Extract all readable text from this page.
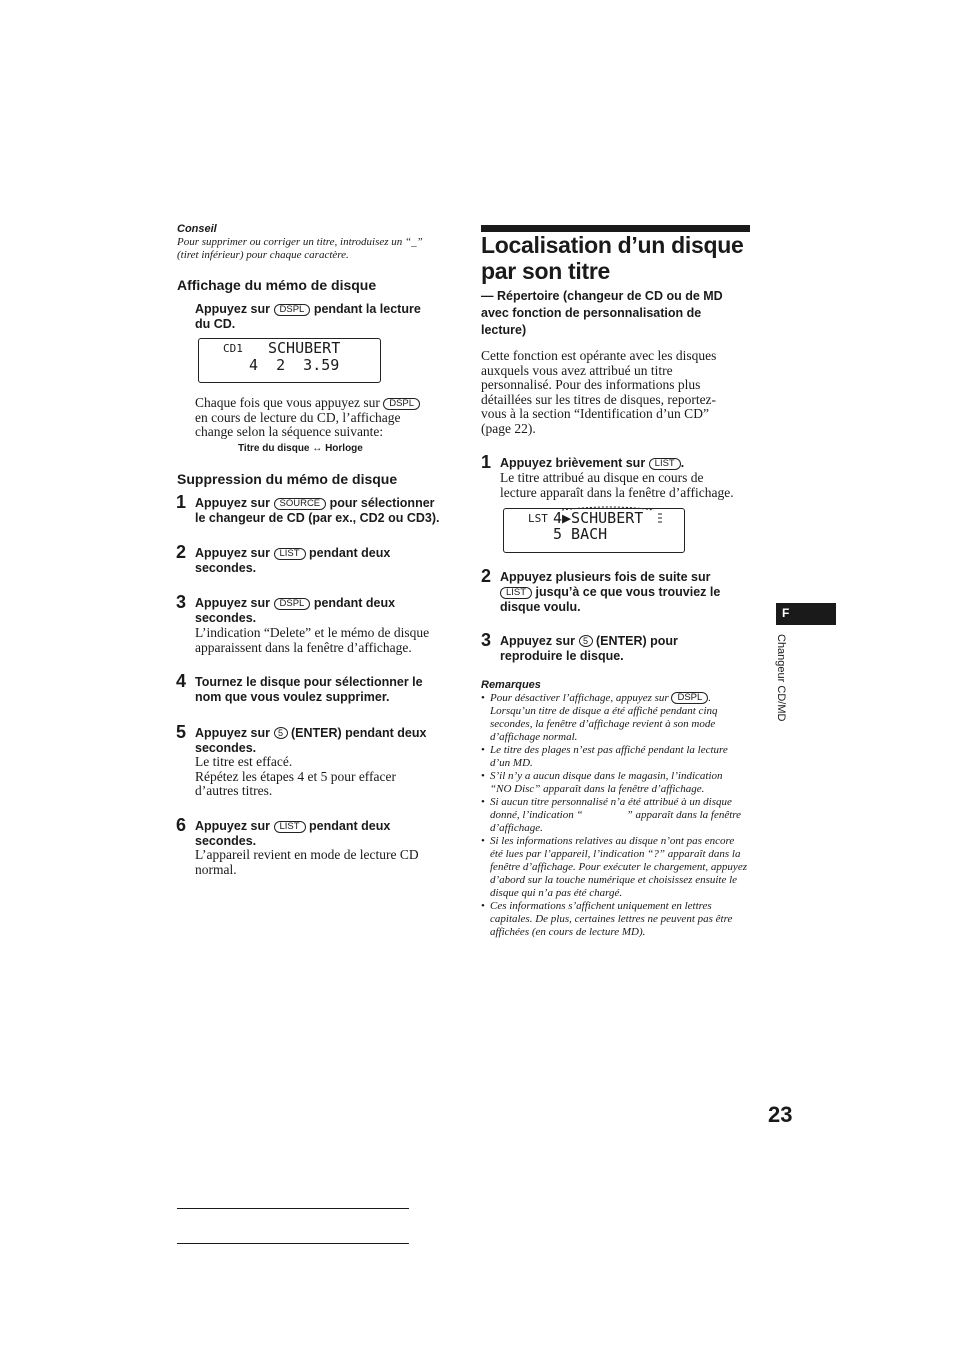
Conseil
Pour supprimer ou corriger un titre, introduisez un “_”
(tiret inférieur) pour chaque caractère.
Affichage du mémo de disque
Appuyez sur DSPL pendant la lecture
du CD.
CD1 SCHUBERT
4  2  3.59
Chaque fois que vous appuyez sur DSPL
en cours de lecture du CD, l’affichage
change selon la séquence suivante:
Titre du disque ↔ Horloge
Suppression du mémo de disque
1 Appuyez sur SOURCE pour sélectionner
le changeur de CD (par ex., CD2 ou CD3).
2 Appuyez sur LIST pendant deux
secondes.
3 Appuyez sur DSPL pendant deux
secondes.
L’indication “Delete” et le mémo de disque
apparaissent dans la fenêtre d’affichage.
4 Tournez le disque pour sélectionner le
nom que vous voulez supprimer.
5 Appuyez sur 5 (ENTER) pendant deux
secondes.
Le titre est effacé.
Répétez les étapes 4 et 5 pour effacer
d’autres titres.
6 Appuyez sur LIST pendant deux
secondes.
L’appareil revient en mode de lecture CD
normal.
Localisation d’un disque
par son titre
— Répertoire (changeur de CD ou de MD
avec fonction de personnalisation de
lecture)
Cette fonction est opérante avec les disques
auxquels vous avez attribué un titre
personnalisé. Pour des informations plus
détaillées sur les titres de disques, reportez-
vous à la section “Identification d’un CD”
(page 22).
1 Appuyez brièvement sur LIST .
Le titre attribué au disque en cours de
lecture apparaît dans la fenêtre d’affichage.
LST 4▶SCHUBERT
5 BACH
2 Appuyez plusieurs fois de suite sur
LIST jusqu’à ce que vous trouviez le
disque voulu.
3 Appuyez sur 5 (ENTER) pour
reproduire le disque.
Remarques
• Pour désactiver l’affichage, appuyez sur DSPL .
Lorsqu’un titre de disque a été affiché pendant cinq
secondes, la fenêtre d’affichage revient à son mode
d’affichage normal.
• Le titre des plages n’est pas affiché pendant la lecture
d’un MD.
• S’il n’y a aucun disque dans le magasin, l’indication
“NO Disc” apparaît dans la fenêtre d’affichage.
• Si aucun titre personnalisé n’a été attribué à un disque
donné, l’indication “                ” apparaît dans la fenêtre
d’affichage.
• Si les informations relatives au disque n’ont pas encore
été lues par l’appareil, l’indication “?” apparaît dans la
fenêtre d’affichage. Pour exécuter le chargement, appuyez
d’abord sur la touche numérique et choisissez ensuite le
disque qui n’a pas été chargé.
• Ces informations s’affichent uniquement en lettres
capitales. De plus, certaines lettres ne peuvent pas être
affichées (en cours de lecture MD).
F
Changeur CD/MD
23
